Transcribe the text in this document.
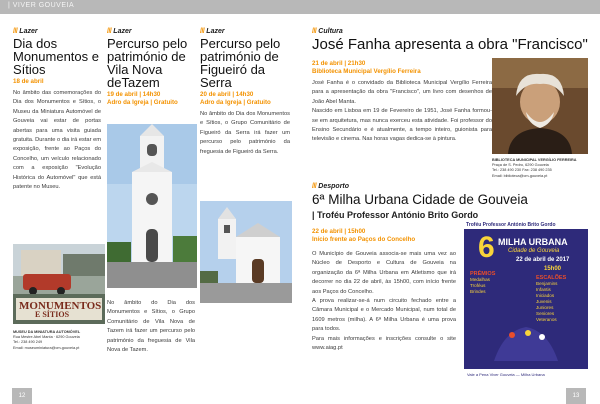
| VIVER GOUVEIA
/// Lazer
Dia dos Monumentos e Sítios
18 de abril
No âmbito das comemorações do Dia dos Monumentos e Sítios, o Museu da Miniatura Automóvel de Gouveia vai estar de portas abertas para uma visita guiada gratuita. Durante o dia irá estar em exposição, frente ao Paços do Concelho, um veículo relacionado com a exposição "Evolução Histórica do Automóvel" que está patente no Museu.
MONUMENTOS
E SÍTIOS
MUSEU DA MINIATURA AUTOMÓVEL
Rua Mestre Abel Manta · 6290 Gouveia
Tel.: 238 490 249
Email: museuminiatura@cm-gouveia.pt
/// Lazer
Percurso pelo património de Vila Nova deTazem
19 de abril | 14h30
Adro da Igreja | Gratuito
No âmbito do Dia dos Monumentos e Sítios, o Grupo Comunitário de Vila Nova de Tazem irá fazer um percurso pelo património da freguesia de Vila Nova de Tazem.
/// Lazer
Percurso pelo património de Figueiró da Serra
20 de abril | 14h30
Adro da Igreja | Gratuito
No âmbito do Dia dos Monumentos e Sítios, o Grupo Comunitário de Figueiró da Serra irá fazer um percurso pelo património da freguesia de Figueiró da Serra.
/// Cultura
José Fanha apresenta a obra "Francisco"
21 de abril | 21h30
Biblioteca Municipal Vergílio Ferreira
José Fanha é o convidado da Biblioteca Municipal Vergílio Ferreira para a apresentação da obra "Francisco", um livro com desenhos de João Abel Manta.
Nascido em Lisboa em 19 de Fevereiro de 1951, José Fanha formou-se em arquitetura, mas nunca exerceu esta atividade. Foi professor do Ensino Secundário e é atualmente, a tempo inteiro, guionista para televisão e cinema. Nas horas vagas dedica-se à pintura.
BIBLIOTECA MUNICIPAL VERGÍLIO FERREIRA
Praça de S. Pedro, 6290 Gouveia
Tel.: 238 490 230 Fax: 238 490 235
Email: biblioteca@cm-gouveia.pt
/// Desporto
6ª Milha Urbana Cidade de Gouveia
| Troféu Professor António Brito Gordo
22 de abril | 15h00
Início frente ao Paços do Concelho
O Município de Gouveia associa-se mais uma vez ao Núcleo de Desporto e Cultura de Gouveia na organização da 6ª Milha Urbana em Atletismo que irá decorrer no dia 22 de abril, às 15h00, com início frente aos Paços do Concelho.
A prova realizar-se-á num circuito fechado entre a Câmara Municipal e o Mercado Municipal, num total de 1609 metros (milha). A 6ª Milha Urbana é uma prova para todos.
Para mais informações e inscrições consulte o site www.aiag.pt
Troféu Professor António Brito Gordo
6 MILHA URBANA
Cidade de Gouveia
22 de abril de 2017
15h00
PRÉMIOS
Medalhas
Troféus
Brindes
ESCALÕES
Benjamins
Infantis
Iniciados
Juvenis
Juniores
Seniores
Veteranos
Vale a Pena Viver Gouveia — Milha Urbana
12	13
